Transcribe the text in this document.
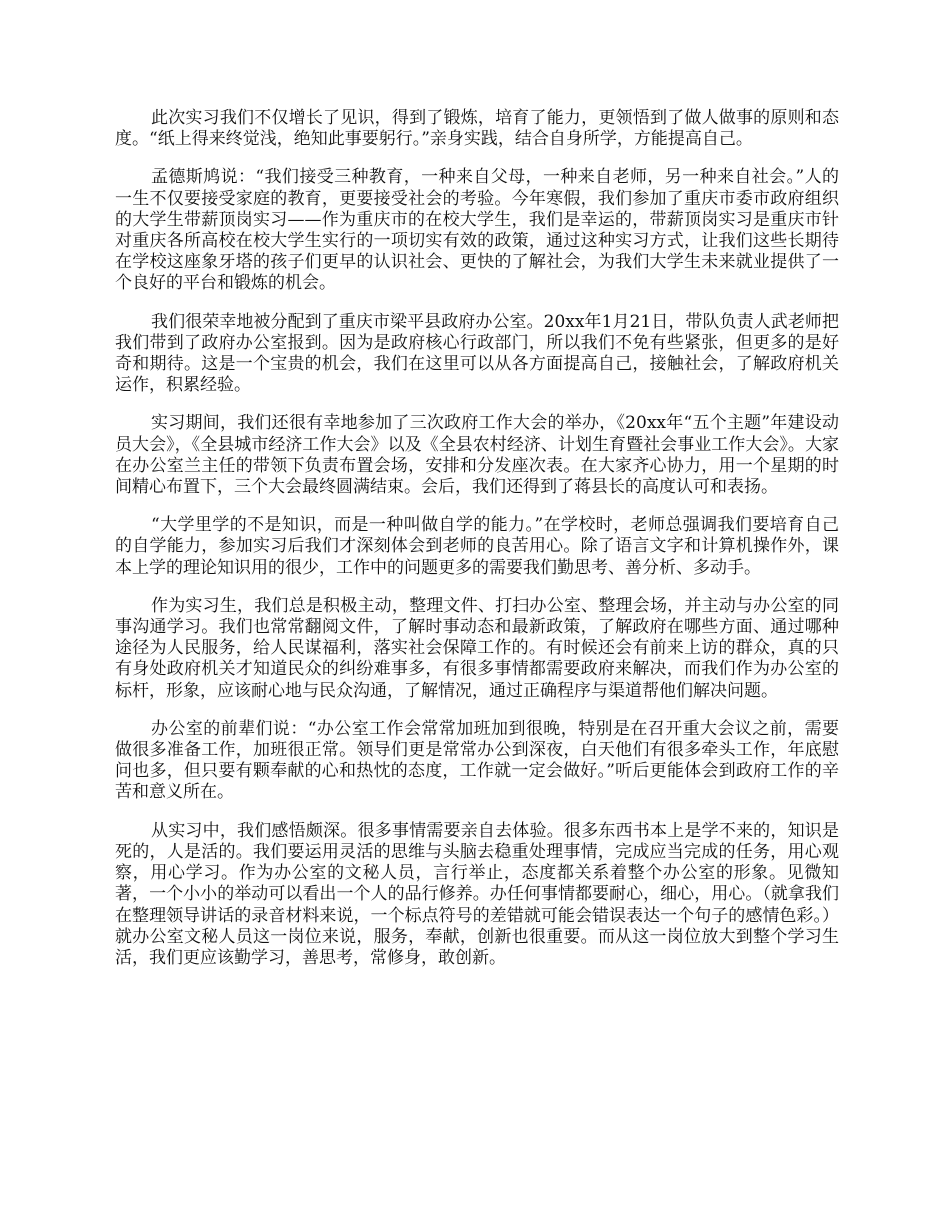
此次实习我们不仅增长了见识，得到了锻炼，培育了能力，更领悟到了做人做事的原则和态度。“纸上得来终觉浅，绝知此事要躬行。”亲身实践，结合自身所学，方能提高自己。

孟德斯鸠说：“我们接受三种教育，一种来自父母，一种来自老师，另一种来自社会。”人的一生不仅要接受家庭的教育，更要接受社会的考验。今年寒假，我们参加了重庆市委市政府组织的大学生带薪顶岗实习——作为重庆市的在校大学生，我们是幸运的，带薪顶岗实习是重庆市针对重庆各所高校在校大学生实行的一项切实有效的政策，通过这种实习方式，让我们这些长期待在学校这座象牙塔的孩子们更早的认识社会、更快的了解社会，为我们大学生未来就业提供了一个良好的平台和锻炼的机会。

我们很荣幸地被分配到了重庆市梁平县政府办公室。20xx年1月21日，带队负责人武老师把我们带到了政府办公室报到。因为是政府核心行政部门，所以我们不免有些紧张，但更多的是好奇和期待。这是一个宝贵的机会，我们在这里可以从各方面提高自己，接触社会，了解政府机关运作，积累经验。

实习期间，我们还很有幸地参加了三次政府工作大会的举办，《20xx年“五个主题”年建设动员大会》，《全县城市经济工作大会》以及《全县农村经济、计划生育暨社会事业工作大会》。大家在办公室兰主任的带领下负责布置会场，安排和分发座次表。在大家齐心协力，用一个星期的时间精心布置下，三个大会最终圆满结束。会后，我们还得到了蒋县长的高度认可和表扬。

“大学里学的不是知识，而是一种叫做自学的能力。”在学校时，老师总强调我们要培育自己的自学能力，参加实习后我们才深刻体会到老师的良苦用心。除了语言文字和计算机操作外，课本上学的理论知识用的很少，工作中的问题更多的需要我们勤思考、善分析、多动手。

作为实习生，我们总是积极主动，整理文件、打扫办公室、整理会场，并主动与办公室的同事沟通学习。我们也常常翻阅文件，了解时事动态和最新政策，了解政府在哪些方面、通过哪种途径为人民服务，给人民谋福利，落实社会保障工作的。有时候还会有前来上访的群众，真的只有身处政府机关才知道民众的纠纷难事多，有很多事情都需要政府来解决，而我们作为办公室的标杆，形象，应该耐心地与民众沟通，了解情况，通过正确程序与渠道帮他们解决问题。

办公室的前辈们说：“办公室工作会常常加班加到很晚，特别是在召开重大会议之前，需要做很多准备工作，加班很正常。领导们更是常常办公到深夜，白天他们有很多牵头工作，年底慰问也多，但只要有颗奉献的心和热忱的态度，工作就一定会做好。”听后更能体会到政府工作的辛苦和意义所在。

从实习中，我们感悟颇深。很多事情需要亲自去体验。很多东西书本上是学不来的，知识是死的，人是活的。我们要运用灵活的思维与头脑去稳重处理事情，完成应当完成的任务，用心观察，用心学习。作为办公室的文秘人员，言行举止，态度都关系着整个办公室的形象。见微知著，一个小小的举动可以看出一个人的品行修养。办任何事情都要耐心，细心，用心。（就拿我们在整理领导讲话的录音材料来说，一个标点符号的差错就可能会错误表达一个句子的感情色彩。）就办公室文秘人员这一岗位来说，服务，奉献，创新也很重要。而从这一岗位放大到整个学习生活，我们更应该勤学习，善思考，常修身，敢创新。
